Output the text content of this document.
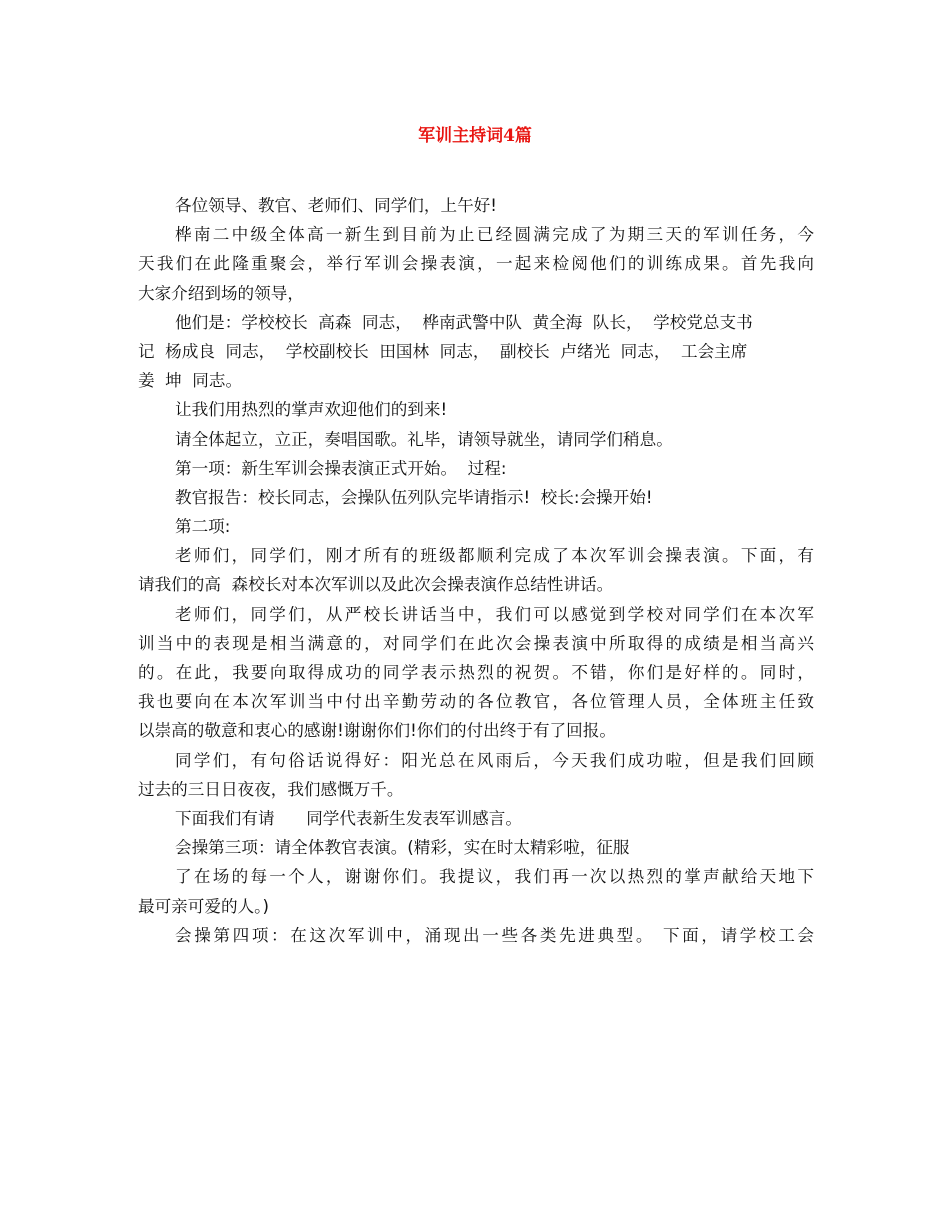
军训主持词4篇
各位领导、教官、老师们、同学们，上午好!
桦南二中级全体高一新生到目前为止已经圆满完成了为期三天的军训任务，今
天我们在此隆重聚会，举行军训会操表演，一起来检阅他们的训练成果。首先我向
大家介绍到场的领导，
他们是：学校校长  高森  同志，  桦南武警中队  黄全海  队长，  学校党总支书
记  杨成良  同志，  学校副校长  田国林  同志，  副校长  卢绪光  同志，  工会主席
姜  坤  同志。
让我们用热烈的掌声欢迎他们的到来!
请全体起立，立正，奏唱国歌。礼毕，请领导就坐，请同学们稍息。
第一项：新生军训会操表演正式开始。  过程:
教官报告：校长同志，会操队伍列队完毕请指示!  校长:会操开始!
第二项:
老师们，同学们，刚才所有的班级都顺利完成了本次军训会操表演。下面，有
请我们的高  森校长对本次军训以及此次会操表演作总结性讲话。
老师们，同学们，从严校长讲话当中，我们可以感觉到学校对同学们在本次军
训当中的表现是相当满意的，对同学们在此次会操表演中所取得的成绩是相当高兴
的。在此，我要向取得成功的同学表示热烈的祝贺。不错，你们是好样的。同时，
我也要向在本次军训当中付出辛勤劳动的各位教官，各位管理人员，全体班主任致
以崇高的敬意和衷心的感谢!谢谢你们!你们的付出终于有了回报。
同学们，有句俗话说得好：阳光总在风雨后，今天我们成功啦，但是我们回顾
过去的三日日夜夜，我们感慨万千。
下面我们有请      同学代表新生发表军训感言。
会操第三项：请全体教官表演。(精彩，实在时太精彩啦，征服
了在场的每一个人，谢谢你们。我提议，我们再一次以热烈的掌声献给天地下
最可亲可爱的人。)
会操第四项：在这次军训中，涌现出一些各类先进典型。 下面，请学校工会
